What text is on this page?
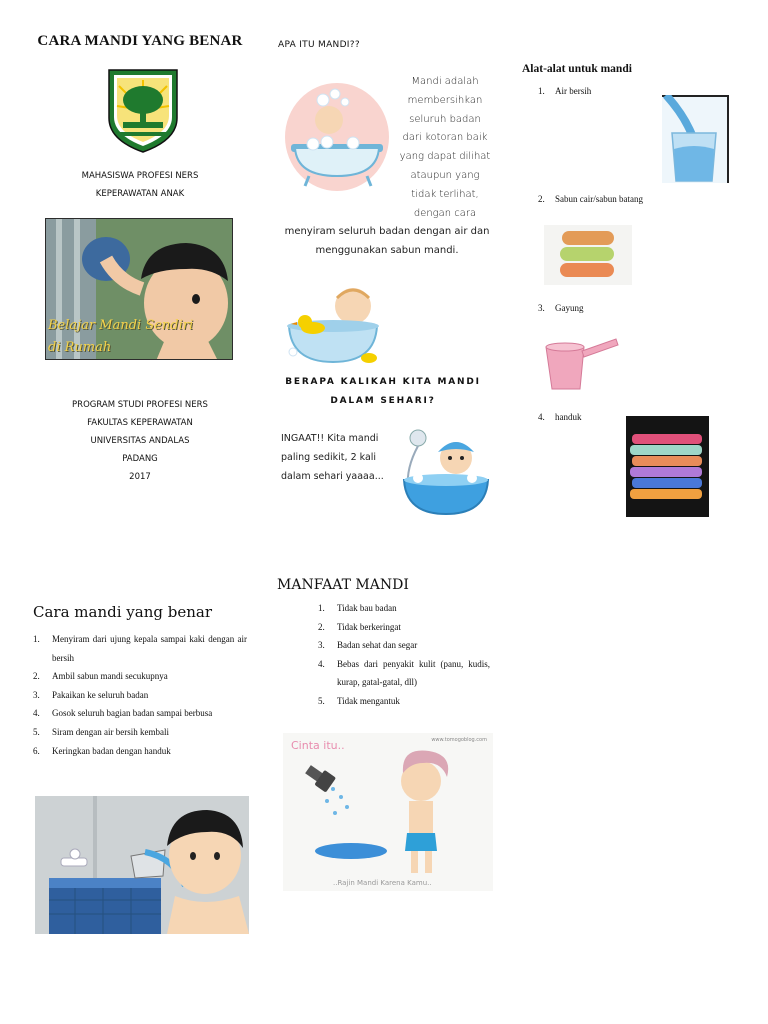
CARA MANDI YANG BENAR
MAHASISWA PROFESI NERS
KEPERAWATAN ANAK
Belajar Mandi Sendiri
di Rumah
PROGRAM STUDI PROFESI NERS
FAKULTAS KEPERAWATAN
UNIVERSITAS ANDALAS
PADANG
2017
APA ITU MANDI??
Mandi adalah
membersihkan
seluruh badan
dari kotoran baik
yang dapat dilihat
ataupun yang
tidak terlihat,
dengan cara
menyiram seluruh badan dengan air dan
menggunakan sabun mandi.
BERAPA KALIKAH KITA MANDI
DALAM SEHARI?
INGAAT!! Kita mandi
paling sedikit, 2 kali
dalam sehari yaaaa...
Alat-alat untuk mandi
1. Air bersih
2. Sabun cair/sabun batang
3. Gayung
4. handuk
Cara mandi yang benar
1.	Menyiram dari ujung kepala sampai kaki dengan air bersih
2.	Ambil sabun mandi secukupnya
3.	Pakaikan ke seluruh badan
4.	Gosok seluruh bagian badan sampai berbusa
5.	Siram dengan air bersih kembali
6.	Keringkan badan dengan handuk
MANFAAT MANDI
1.	Tidak bau badan
2.	Tidak berkeringat
3.	Badan sehat dan segar
4.	Bebas dari penyakit kulit (panu, kudis, kurap, gatal-gatal, dll)
5.	Tidak mengantuk
Cinta itu..	www.tomogoblog.com
..Rajin Mandi Karena Kamu..
